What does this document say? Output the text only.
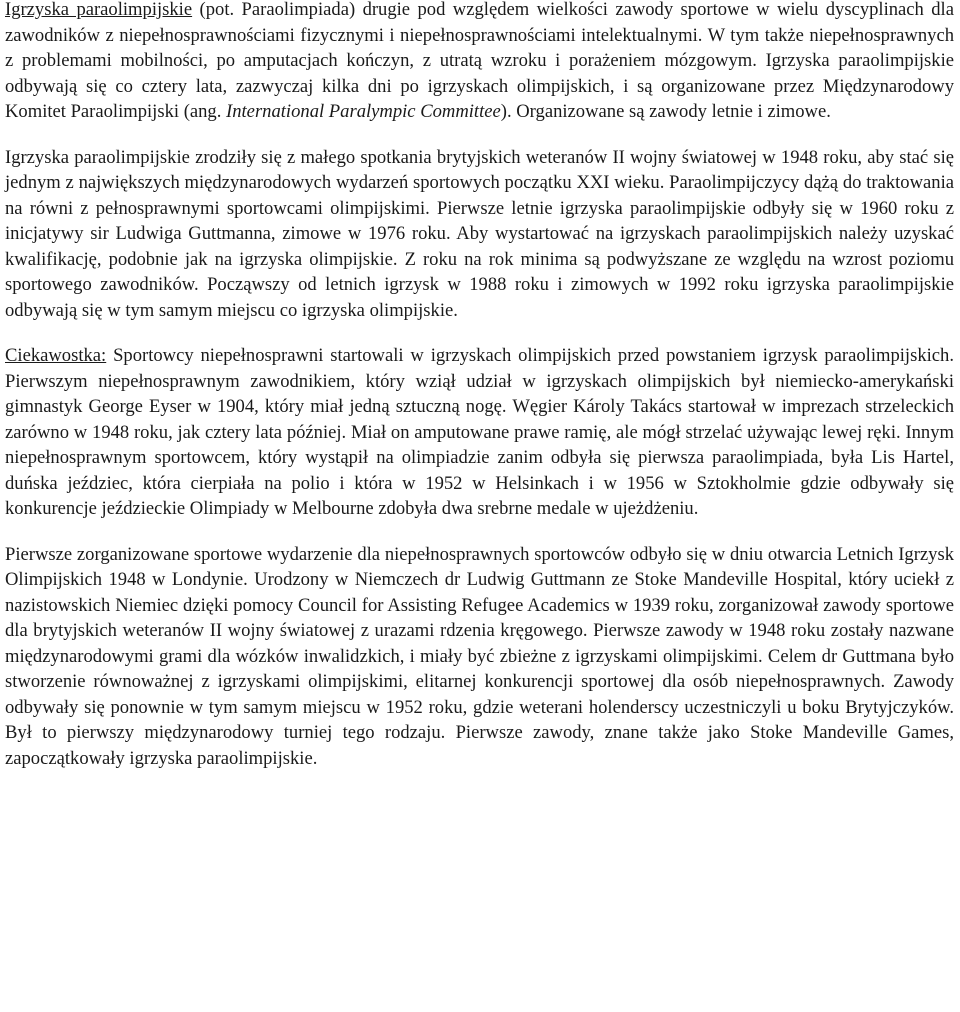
Igrzyska paraolimpijskie (pot. Paraolimpiada) drugie pod względem wielkości zawody sportowe w wielu dyscyplinach dla zawodników z niepełnosprawnościami fizycznymi i niepełnosprawnościami intelektualnymi. W tym także niepełnosprawnych z problemami mobilności, po amputacjach kończyn, z utratą wzroku i porażeniem mózgowym. Igrzyska paraolimpijskie odbywają się co cztery lata, zazwyczaj kilka dni po igrzyskach olimpijskich, i są organizowane przez Międzynarodowy Komitet Paraolimpijski (ang. International Paralympic Committee). Organizowane są zawody letnie i zimowe.

Igrzyska paraolimpijskie zrodziły się z małego spotkania brytyjskich weteranów II wojny światowej w 1948 roku, aby stać się jednym z największych międzynarodowych wydarzeń sportowych początku XXI wieku. Paraolimpijczycy dążą do traktowania na równi z pełnosprawnymi sportowcami olimpijskimi. Pierwsze letnie igrzyska paraolimpijskie odbyły się w 1960 roku z inicjatywy sir Ludwiga Guttmanna, zimowe w 1976 roku. Aby wystartować na igrzyskach paraolimpijskich należy uzyskać kwalifikację, podobnie jak na igrzyska olimpijskie. Z roku na rok minima są podwyższane ze względu na wzrost poziomu sportowego zawodników. Począwszy od letnich igrzysk w 1988 roku i zimowych w 1992 roku igrzyska paraolimpijskie odbywają się w tym samym miejscu co igrzyska olimpijskie.

Ciekawostka: Sportowcy niepełnosprawni startowali w igrzyskach olimpijskich przed powstaniem igrzysk paraolimpijskich. Pierwszym niepełnosprawnym zawodnikiem, który wziął udział w igrzyskach olimpijskich był niemiecko-amerykański gimnastyk George Eyser w 1904, który miał jedną sztuczną nogę. Węgier Károly Takács startował w imprezach strzeleckich zarówno w 1948 roku, jak cztery lata później. Miał on amputowane prawe ramię, ale mógł strzelać używając lewej ręki. Innym niepełnosprawnym sportowcem, który wystąpił na olimpiadzie zanim odbyła się pierwsza paraolimpiada, była Lis Hartel, duńska jeździec, która cierpiała na polio i która w 1952 w Helsinkach i w 1956 w Sztokholmie gdzie odbywały się konkurencje jeździeckie Olimpiady w Melbourne zdobyła dwa srebrne medale w ujeżdżeniu.

Pierwsze zorganizowane sportowe wydarzenie dla niepełnosprawnych sportowców odbyło się w dniu otwarcia Letnich Igrzysk Olimpijskich 1948 w Londynie. Urodzony w Niemczech dr Ludwig Guttmann ze Stoke Mandeville Hospital, który uciekł z nazistowskich Niemiec dzięki pomocy Council for Assisting Refugee Academics w 1939 roku, zorganizował zawody sportowe dla brytyjskich weteranów II wojny światowej z urazami rdzenia kręgowego. Pierwsze zawody w 1948 roku zostały nazwane międzynarodowymi grami dla wózków inwalidzkich, i miały być zbieżne z igrzyskami olimpijskimi. Celem dr Guttmana było stworzenie równoważnej z igrzyskami olimpijskimi, elitarnej konkurencji sportowej dla osób niepełnosprawnych. Zawody odbywały się ponownie w tym samym miejscu w 1952 roku, gdzie weterani holenderscy uczestniczyli u boku Brytyjczyków. Był to pierwszy międzynarodowy turniej tego rodzaju. Pierwsze zawody, znane także jako Stoke Mandeville Games, zapoczątkowały igrzyska paraolimpijskie.
